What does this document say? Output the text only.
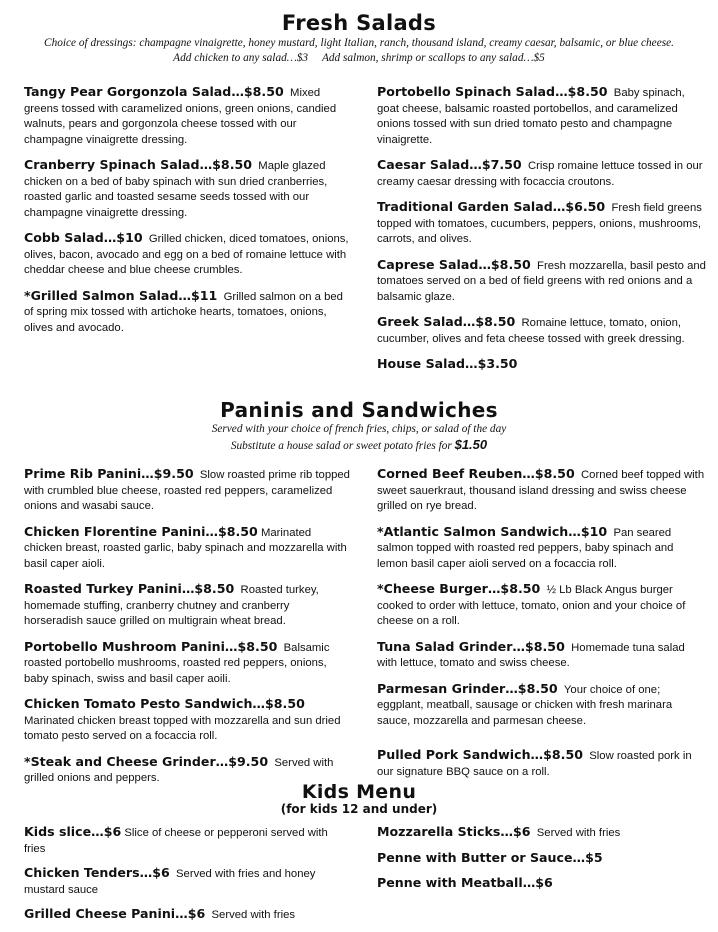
Fresh Salads

Choice of dressings: champagne vinaigrette, honey mustard, light Italian, ranch, thousand island, creamy caesar, balsamic, or blue cheese.

Add chicken to any salad…$3     Add salmon, shrimp or scallops to any salad…$5

Tangy Pear Gorgonzola Salad…$8.50 Mixed greens tossed with caramelized onions, green onions, candied walnuts, pears and gorgonzola cheese tossed with our champagne vinaigrette dressing.

Cranberry Spinach Salad…$8.50 Maple glazed chicken on a bed of baby spinach with sun dried cranberries, roasted garlic and toasted sesame seeds tossed with our champagne vinaigrette dressing.

Cobb Salad…$10 Grilled chicken, diced tomatoes, onions, olives, bacon, avocado and egg on a bed of romaine lettuce with cheddar cheese and blue cheese crumbles.

*Grilled Salmon Salad…$11 Grilled salmon on a bed of spring mix tossed with artichoke hearts, tomatoes, onions, olives and avocado.

Portobello Spinach Salad…$8.50 Baby spinach, goat cheese, balsamic roasted portobellos, and caramelized onions tossed with sun dried tomato pesto and champagne vinaigrette.

Caesar Salad…$7.50 Crisp romaine lettuce tossed in our creamy caesar dressing with focaccia croutons.

Traditional Garden Salad…$6.50 Fresh field greens topped with tomatoes, cucumbers, peppers, onions, mushrooms, carrots, and olives.

Caprese Salad…$8.50 Fresh mozzarella, basil pesto and tomatoes served on a bed of field greens with red onions and a balsamic glaze.

Greek Salad…$8.50 Romaine lettuce, tomato, onion, cucumber, olives and feta cheese tossed with greek dressing.

House Salad…$3.50

Paninis and Sandwiches

Served with your choice of french fries, chips, or salad of the day

Substitute a house salad or sweet potato fries for $1.50

Prime Rib Panini…$9.50 Slow roasted prime rib topped with crumbled blue cheese, roasted red peppers, caramelized onions and wasabi sauce.

Chicken Florentine Panini…$8.50 Marinated chicken breast, roasted garlic, baby spinach and mozzarella with basil caper aioli.

Roasted Turkey Panini…$8.50 Roasted turkey, homemade stuffing, cranberry chutney and cranberry horseradish sauce grilled on multigrain wheat bread.

Portobello Mushroom Panini…$8.50 Balsamic roasted portobello mushrooms, roasted red peppers, onions, baby spinach, swiss and basil caper aoili.

Chicken Tomato Pesto Sandwich…$8.50
Marinated chicken breast topped with mozzarella and sun dried tomato pesto served on a focaccia roll.

*Steak and Cheese Grinder…$9.50 Served with grilled onions and peppers.

Corned Beef Reuben…$8.50 Corned beef topped with sweet sauerkraut, thousand island dressing and swiss cheese grilled on rye bread.

*Atlantic Salmon Sandwich…$10 Pan seared salmon topped with roasted red peppers, baby spinach and lemon basil caper aioli served on a focaccia roll.

*Cheese Burger…$8.50 ½ Lb Black Angus burger cooked to order with lettuce, tomato, onion and your choice of cheese on a roll.

Tuna Salad Grinder…$8.50 Homemade tuna salad with lettuce, tomato and swiss cheese.

Parmesan Grinder…$8.50 Your choice of one; eggplant, meatball, sausage or chicken with fresh marinara sauce, mozzarella and parmesan cheese.

Pulled Pork Sandwich…$8.50 Slow roasted pork in our signature BBQ sauce on a roll.

Kids Menu

(for kids 12 and under)

Kids slice…$6 Slice of cheese or pepperoni served with fries

Chicken Tenders…$6 Served with fries and honey mustard sauce

Grilled Cheese Panini…$6 Served with fries

Mozzarella Sticks…$6 Served with fries

Penne with Butter or Sauce…$5

Penne with Meatball…$6
